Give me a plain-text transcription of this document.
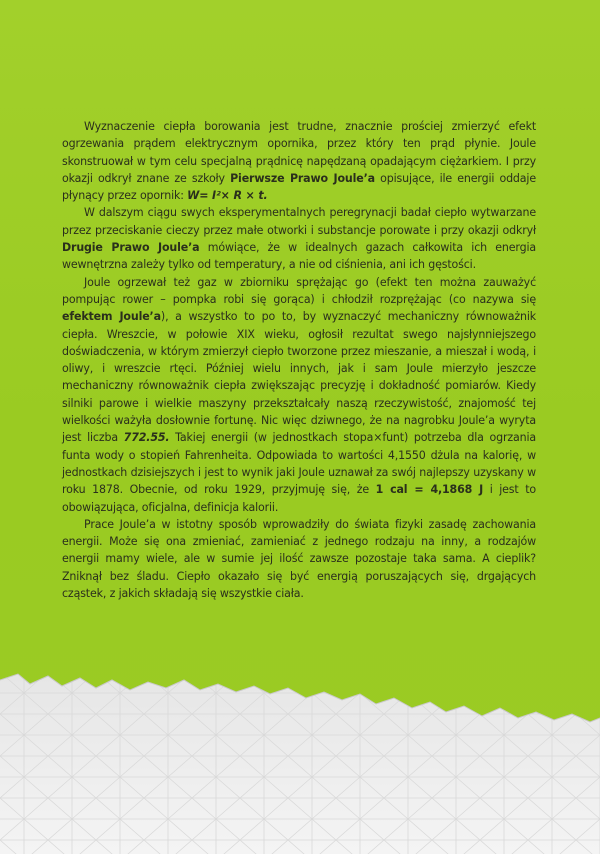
Wyznaczenie ciepła borowania jest trudne, znacznie prościej zmierzyć efekt ogrzewania prądem elektrycznym opornika, przez który ten prąd płynie. Joule skonstruował w tym celu specjalną prądnicę napędzaną opadającym ciężarkiem. I przy okazji odkrył znane ze szkoły Pierwsze Prawo Joule’a opisujące, ile energii oddaje płynący przez opornik: W= I²× R × t.

W dalszym ciągu swych eksperymentalnych peregrynacji badał ciepło wytwarzane przez przeciskanie cieczy przez małe otworki i substancje porowate i przy okazji odkrył Drugie Prawo Joule’a mówiące, że w idealnych gazach całkowita ich energia wewnętrzna zależy tylko od temperatury, a nie od ciśnienia, ani ich gęstości.

Joule ogrzewał też gaz w zbiorniku sprężając go (efekt ten można zauważyć pompując rower – pompka robi się gorąca) i chłodził rozprężając (co nazywa się efektem Joule’a), a wszystko to po to, by wyznaczyć mechaniczny równoważnik ciepła. Wreszcie, w połowie XIX wieku, ogłosił rezultat swego najsłynniejszego doświadczenia, w którym zmierzył ciepło tworzone przez mieszanie, a mieszał i wodą, i oliwy, i wreszcie rtęci. Później wielu innych, jak i sam Joule mierzyło jeszcze mechaniczny równoważnik ciepła zwiększając precyzję i dokładność pomiarów. Kiedy silniki parowe i wielkie maszyny przekształcały naszą rzeczywistość, znajomość tej wielkości ważyła dosłownie fortunę. Nic więc dziwnego, że na nagrobku Joule’a wyryta jest liczba 772.55. Takiej energii (w jednostkach stopa×funt) potrzeba dla ogrzania funta wody o stopień Fahrenheita. Odpowiada to wartości 4,1550 dżula na kalorię, w jednostkach dzisiejszych i jest to wynik jaki Joule uznawał za swój najlepszy uzyskany w roku 1878. Obecnie, od roku 1929, przyjmuję się, że 1 cal = 4,1868 J i jest to obowiązująca, oficjalna, definicja kalorii.

Prace Joule’a w istotny sposób wprowadziły do świata fizyki zasadę zachowania energii. Może się ona zmieniać, zamieniać z jednego rodzaju na inny, a rodzajów energii mamy wiele, ale w sumie jej ilość zawsze pozostaje taka sama. A cieplik? Zniknął bez śladu. Ciepło okazało się być energią poruszających się, drgających cząstek, z jakich składają się wszystkie ciała.
